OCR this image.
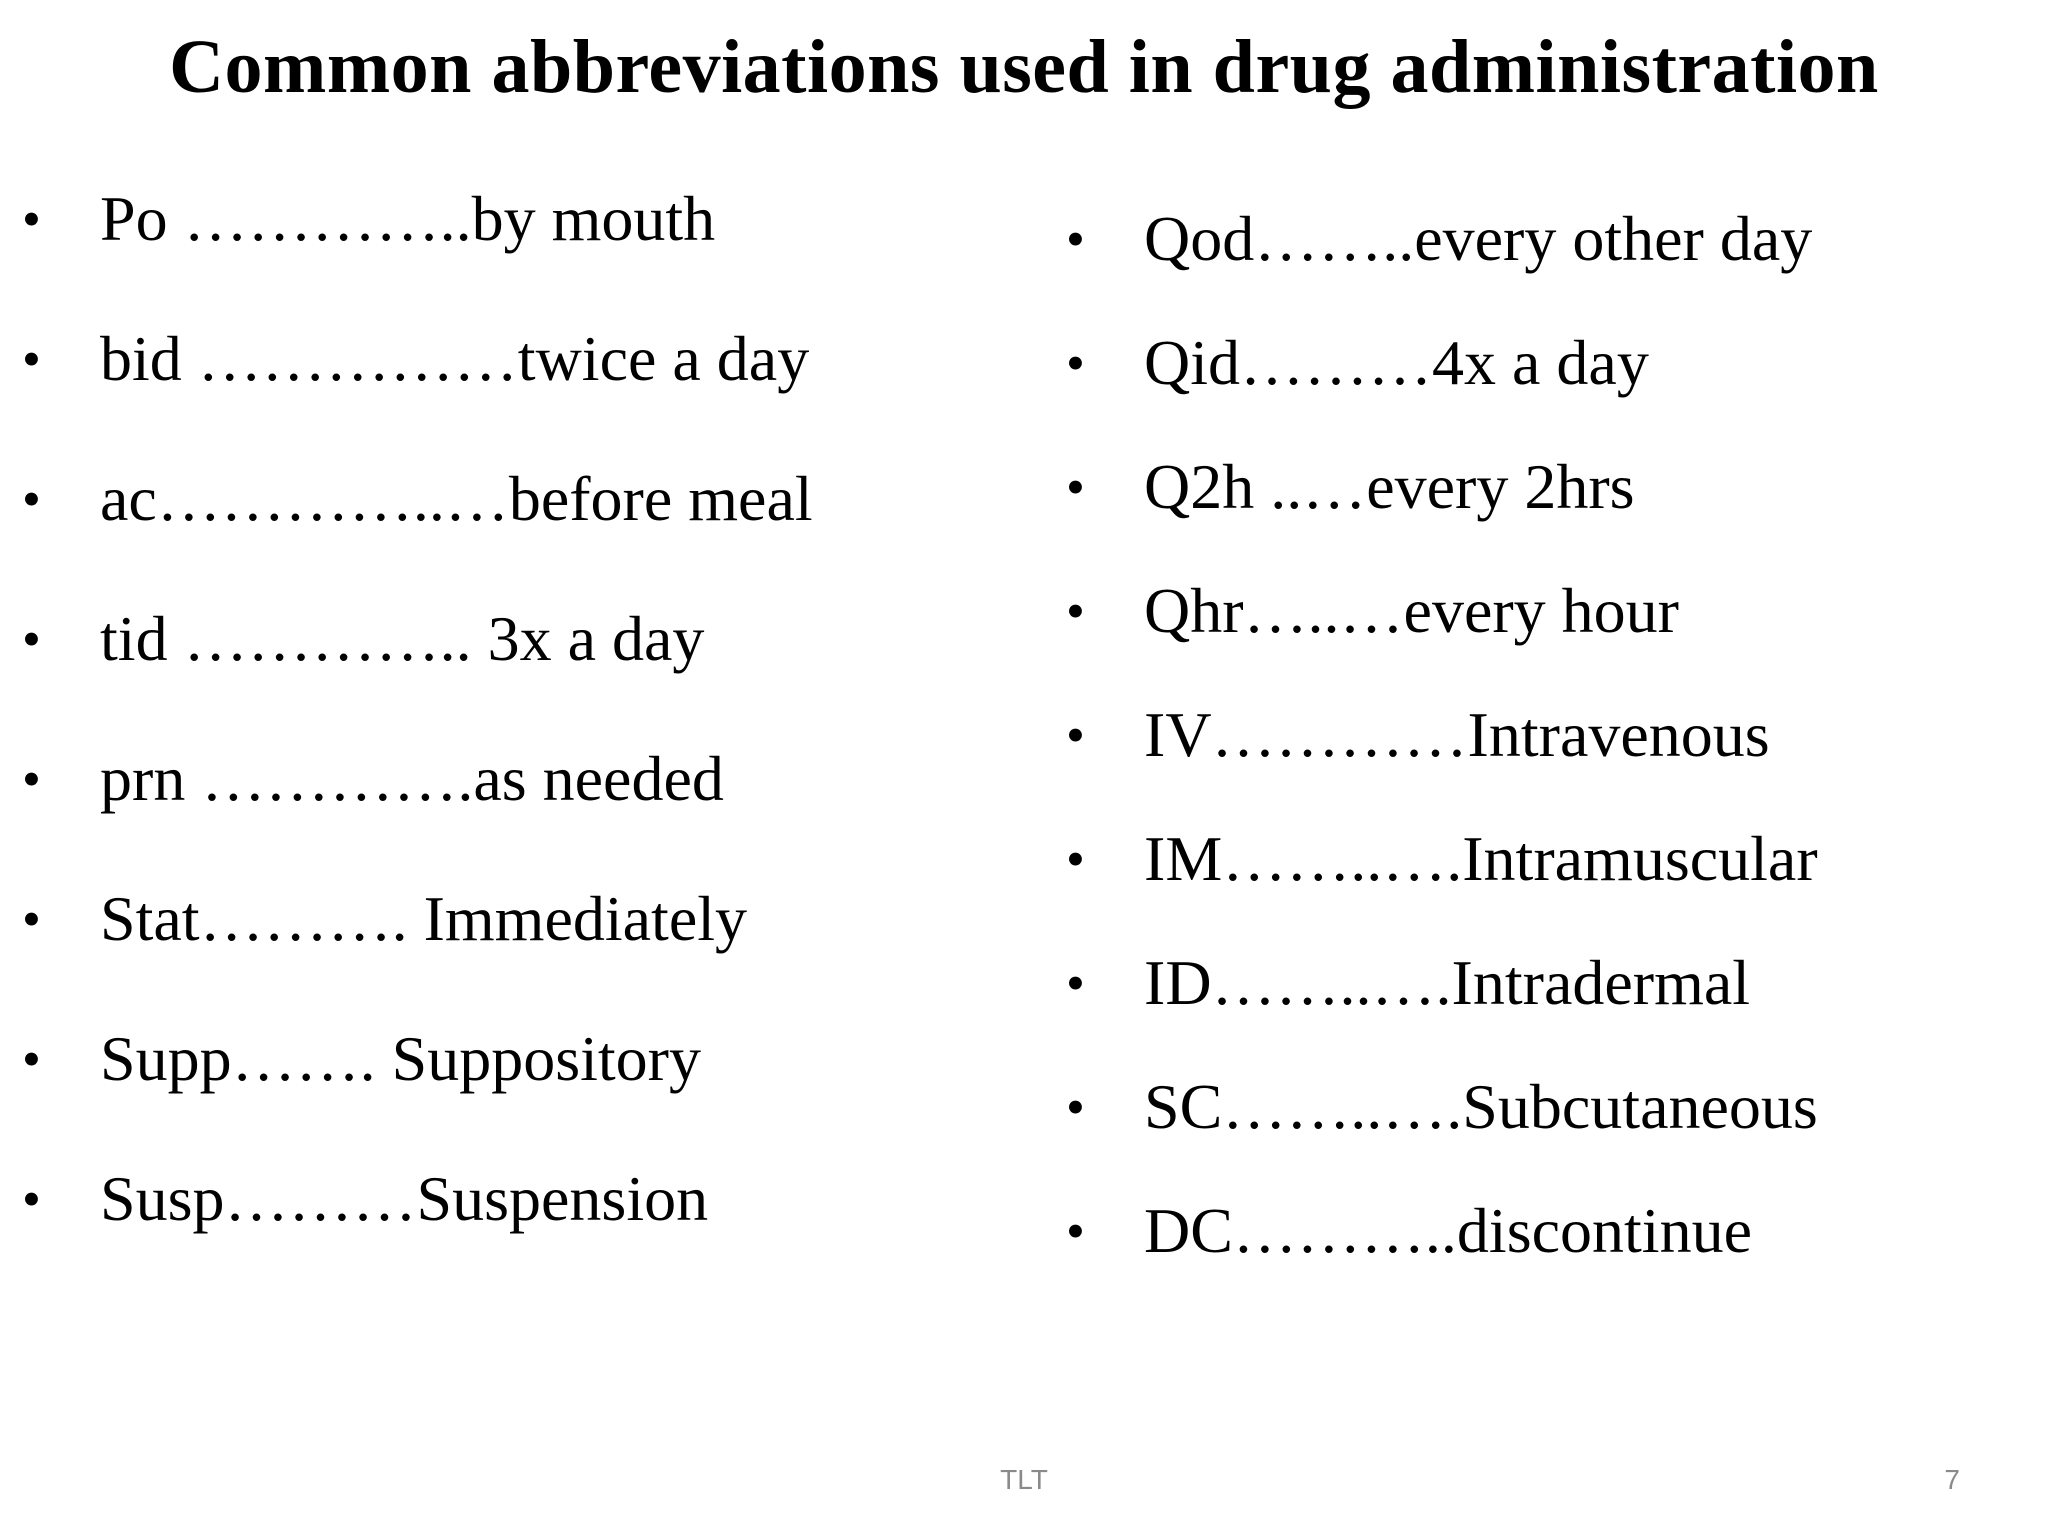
Common abbreviations used in drug administration
• Po …………..by mouth
• bid ……………twice a day
• ac…………..…before meal
• tid ………….. 3x a day
• prn ………….as needed
• Stat………. Immediately
• Supp……. Suppository
• Susp………Suspension
• Qod……..every other day
• Qid………4x a day
• Q2h ..…every 2hrs
• Qhr…..…every hour
• IV…………Intravenous
• IM……..….Intramuscular
• ID……..….Intradermal
• SC……..….Subcutaneous
• DC………..discontinue
TLT	7
